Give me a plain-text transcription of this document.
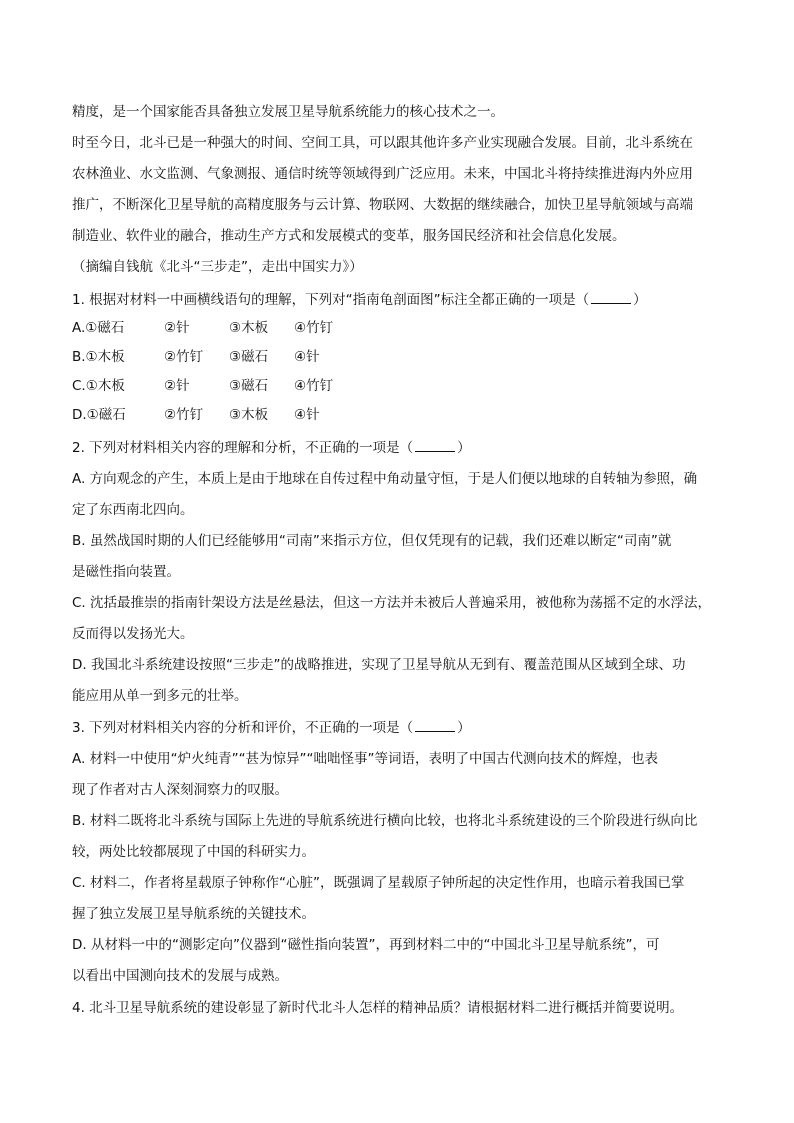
精度，是一个国家能否具备独立发展卫星导航系统能力的核心技术之一。
时至今日，北斗已是一种强大的时间、空间工具，可以跟其他许多产业实现融合发展。目前，北斗系统在
农林渔业、水文监测、气象测报、通信时统等领域得到广泛应用。未来，中国北斗将持续推进海内外应用
推广，不断深化卫星导航的高精度服务与云计算、物联网、大数据的继续融合，加快卫星导航领域与高端
制造业、软件业的融合，推动生产方式和发展模式的变革，服务国民经济和社会信息化发展。
（摘编自钱航《北斗“三步走”，走出中国实力》）
1. 根据对材料一中画横线语句的理解，下列对“指南龟剖面图”标注全都正确的一项是（	）
A.①磁石	②针	③木板 ④竹钉
B.①木板	②竹钉 ③磁石 ④针
C.①木板	②针	③磁石 ④竹钉
D.①磁石	②竹钉 ③木板 ④针
2. 下列对材料相关内容的理解和分析，不正确的一项是（	）
A. 方向观念的产生，本质上是由于地球在自传过程中角动量守恒，于是人们便以地球的自转轴为参照，确
定了东西南北四向。
B. 虽然战国时期的人们已经能够用“司南”来指示方位，但仅凭现有的记载，我们还难以断定“司南”就
是磁性指向装置。
C. 沈括最推崇的指南针架设方法是丝悬法，但这一方法并未被后人普遍采用，被他称为荡摇不定的水浮法，
反而得以发扬光大。
D. 我国北斗系统建设按照“三步走”的战略推进，实现了卫星导航从无到有、覆盖范围从区域到全球、功
能应用从单一到多元的壮举。
3. 下列对材料相关内容的分析和评价，不正确的一项是（	）
A. 材料一中使用“炉火纯青”“甚为惊异”“咄咄怪事”等词语，表明了中国古代测向技术的辉煌，也表
现了作者对古人深刻洞察力的叹服。
B. 材料二既将北斗系统与国际上先进的导航系统进行横向比较，也将北斗系统建设的三个阶段进行纵向比
较，两处比较都展现了中国的科研实力。
C. 材料二，作者将星载原子钟称作“心脏”，既强调了星载原子钟所起的决定性作用，也暗示着我国已掌
握了独立发展卫星导航系统的关键技术。
D. 从材料一中的“测影定向”仪器到“磁性指向装置”，再到材料二中的“中国北斗卫星导航系统”，可
以看出中国测向技术的发展与成熟。
4. 北斗卫星导航系统的建设彰显了新时代北斗人怎样的精神品质？请根据材料二进行概括并简要说明。
